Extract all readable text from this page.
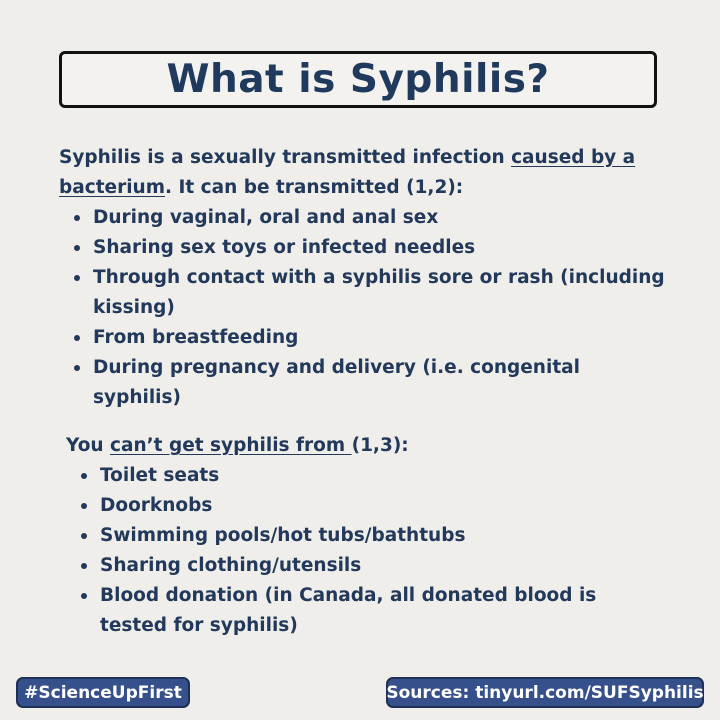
What is Syphilis?
Syphilis is a sexually transmitted infection caused by a bacterium. It can be transmitted (1,2):
During vaginal, oral and anal sex
Sharing sex toys or infected needles
Through contact with a syphilis sore or rash (including kissing)
From breastfeeding
During pregnancy and delivery (i.e. congenital syphilis)
You can’t get syphilis from (1,3):
Toilet seats
Doorknobs
Swimming pools/hot tubs/bathtubs
Sharing clothing/utensils
Blood donation (in Canada, all donated blood is tested for syphilis)
#ScienceUpFirst	Sources: tinyurl.com/SUFSyphilis
